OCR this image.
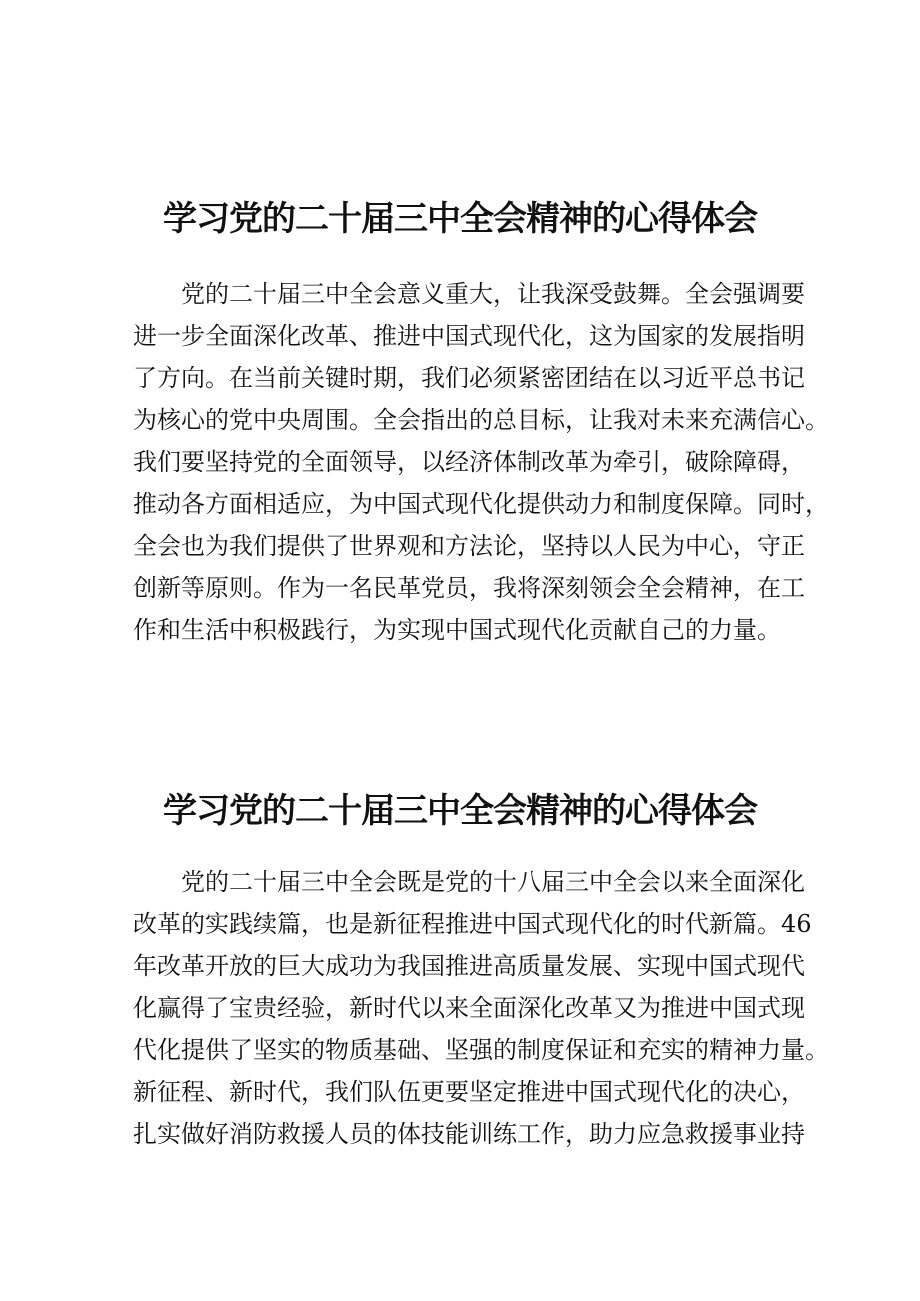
学习党的二十届三中全会精神的心得体会
党的二十届三中全会意义重大，让我深受鼓舞。全会强调要
进一步全面深化改革、推进中国式现代化，这为国家的发展指明
了方向。在当前关键时期，我们必须紧密团结在以习近平总书记
为核心的党中央周围。全会指出的总目标，让我对未来充满信心。
我们要坚持党的全面领导，以经济体制改革为牵引，破除障碍，
推动各方面相适应，为中国式现代化提供动力和制度保障。同时，
全会也为我们提供了世界观和方法论，坚持以人民为中心，守正
创新等原则。作为一名民革党员，我将深刻领会全会精神，在工
作和生活中积极践行，为实现中国式现代化贡献自己的力量。
学习党的二十届三中全会精神的心得体会
党的二十届三中全会既是党的十八届三中全会以来全面深化
改革的实践续篇，也是新征程推进中国式现代化的时代新篇。46
年改革开放的巨大成功为我国推进高质量发展、实现中国式现代
化赢得了宝贵经验，新时代以来全面深化改革又为推进中国式现
代化提供了坚实的物质基础、坚强的制度保证和充实的精神力量。
新征程、新时代，我们队伍更要坚定推进中国式现代化的决心，
扎实做好消防救援人员的体技能训练工作，助力应急救援事业持
